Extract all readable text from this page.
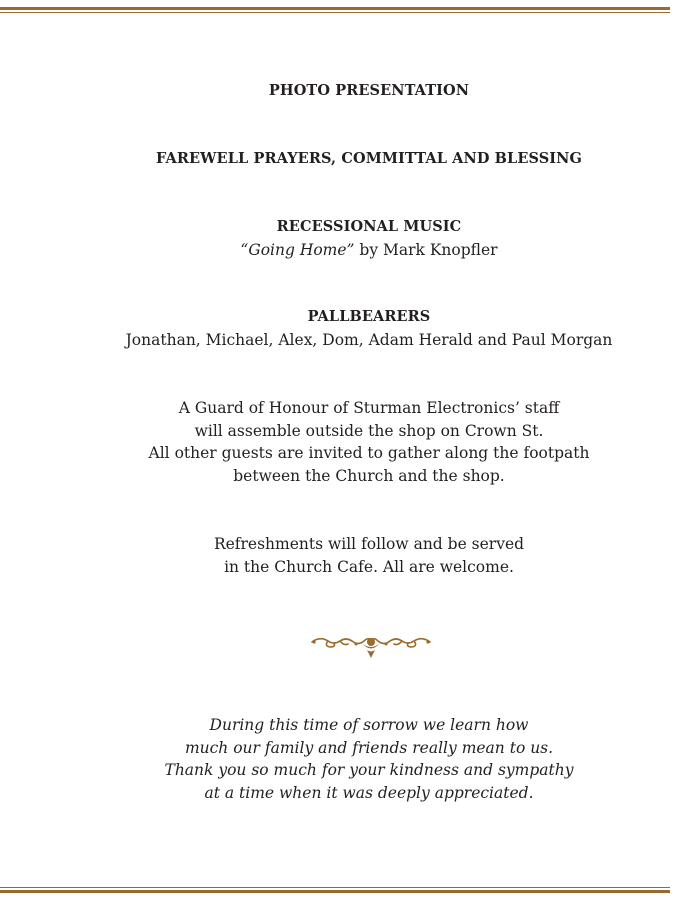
PHOTO PRESENTATION
FAREWELL PRAYERS, COMMITTAL AND BLESSING
RECESSIONAL MUSIC
“Going Home” by Mark Knopfler
PALLBEARERS
Jonathan, Michael, Alex, Dom, Adam Herald and Paul Morgan
A Guard of Honour of Sturman Electronics’ staff
will assemble outside the shop on Crown St.
All other guests are invited to gather along the footpath
between the Church and the shop.
Refreshments will follow and be served
in the Church Cafe. All are welcome.
During this time of sorrow we learn how
much our family and friends really mean to us.
Thank you so much for your kindness and sympathy
at a time when it was deeply appreciated.
